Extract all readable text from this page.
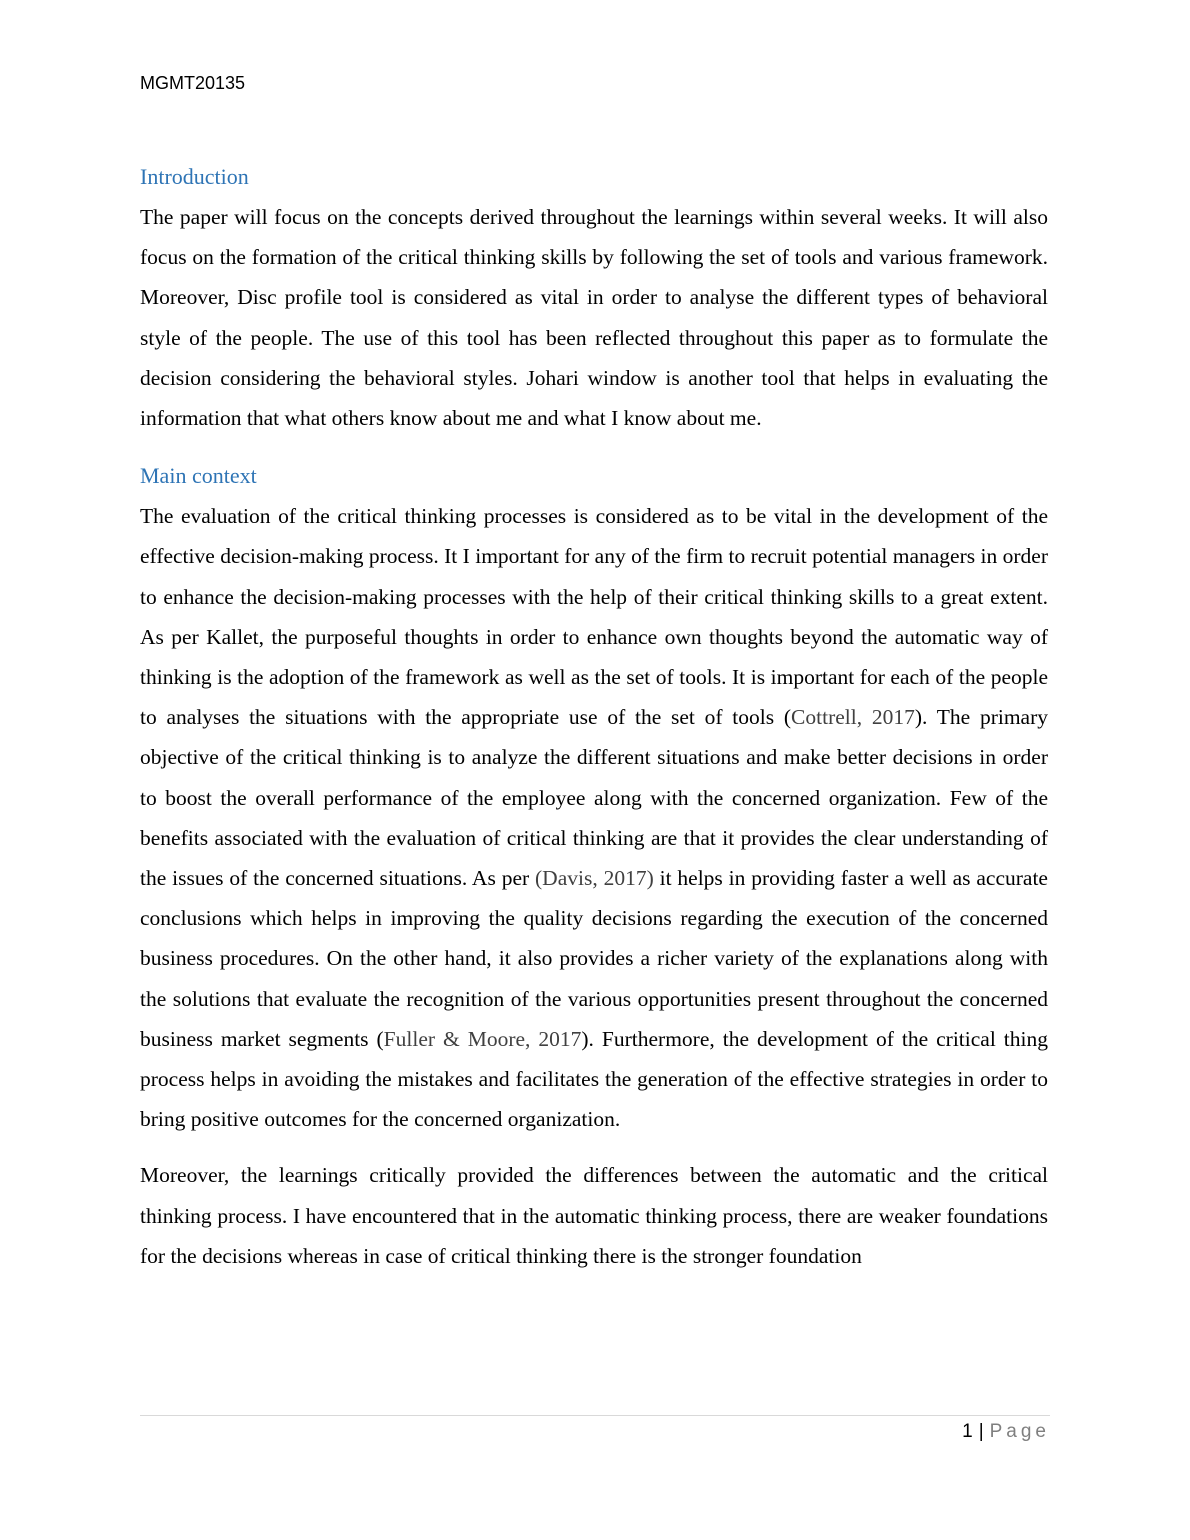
MGMT20135
Introduction

The paper will focus on the concepts derived throughout the learnings within several weeks. It will also focus on the formation of the critical thinking skills by following the set of tools and various framework. Moreover, Disc profile tool is considered as vital in order to analyse the different types of behavioral style of the people. The use of this tool has been reflected throughout this paper as to formulate the decision considering the behavioral styles. Johari window is another tool that helps in evaluating the information that what others know about me and what I know about me.

Main context

The evaluation of the critical thinking processes is considered as to be vital in the development of the effective decision-making process. It I important for any of the firm to recruit potential managers in order to enhance the decision-making processes with the help of their critical thinking skills to a great extent. As per Kallet, the purposeful thoughts in order to enhance own thoughts beyond the automatic way of thinking is the adoption of the framework as well as the set of tools. It is important for each of the people to analyses the situations with the appropriate use of the set of tools (Cottrell, 2017). The primary objective of the critical thinking is to analyze the different situations and make better decisions in order to boost the overall performance of the employee along with the concerned organization. Few of the benefits associated with the evaluation of critical thinking are that it provides the clear understanding of the issues of the concerned situations. As per (Davis, 2017) it helps in providing faster a well as accurate conclusions which helps in improving the quality decisions regarding the execution of the concerned business procedures. On the other hand, it also provides a richer variety of the explanations along with the solutions that evaluate the recognition of the various opportunities present throughout the concerned business market segments (Fuller & Moore, 2017). Furthermore, the development of the critical thing process helps in avoiding the mistakes and facilitates the generation of the effective strategies in order to bring positive outcomes for the concerned organization.

Moreover, the learnings critically provided the differences between the automatic and the critical thinking process. I have encountered that in the automatic thinking process, there are weaker foundations for the decisions whereas in case of critical thinking there is the stronger foundation

1 | Page
